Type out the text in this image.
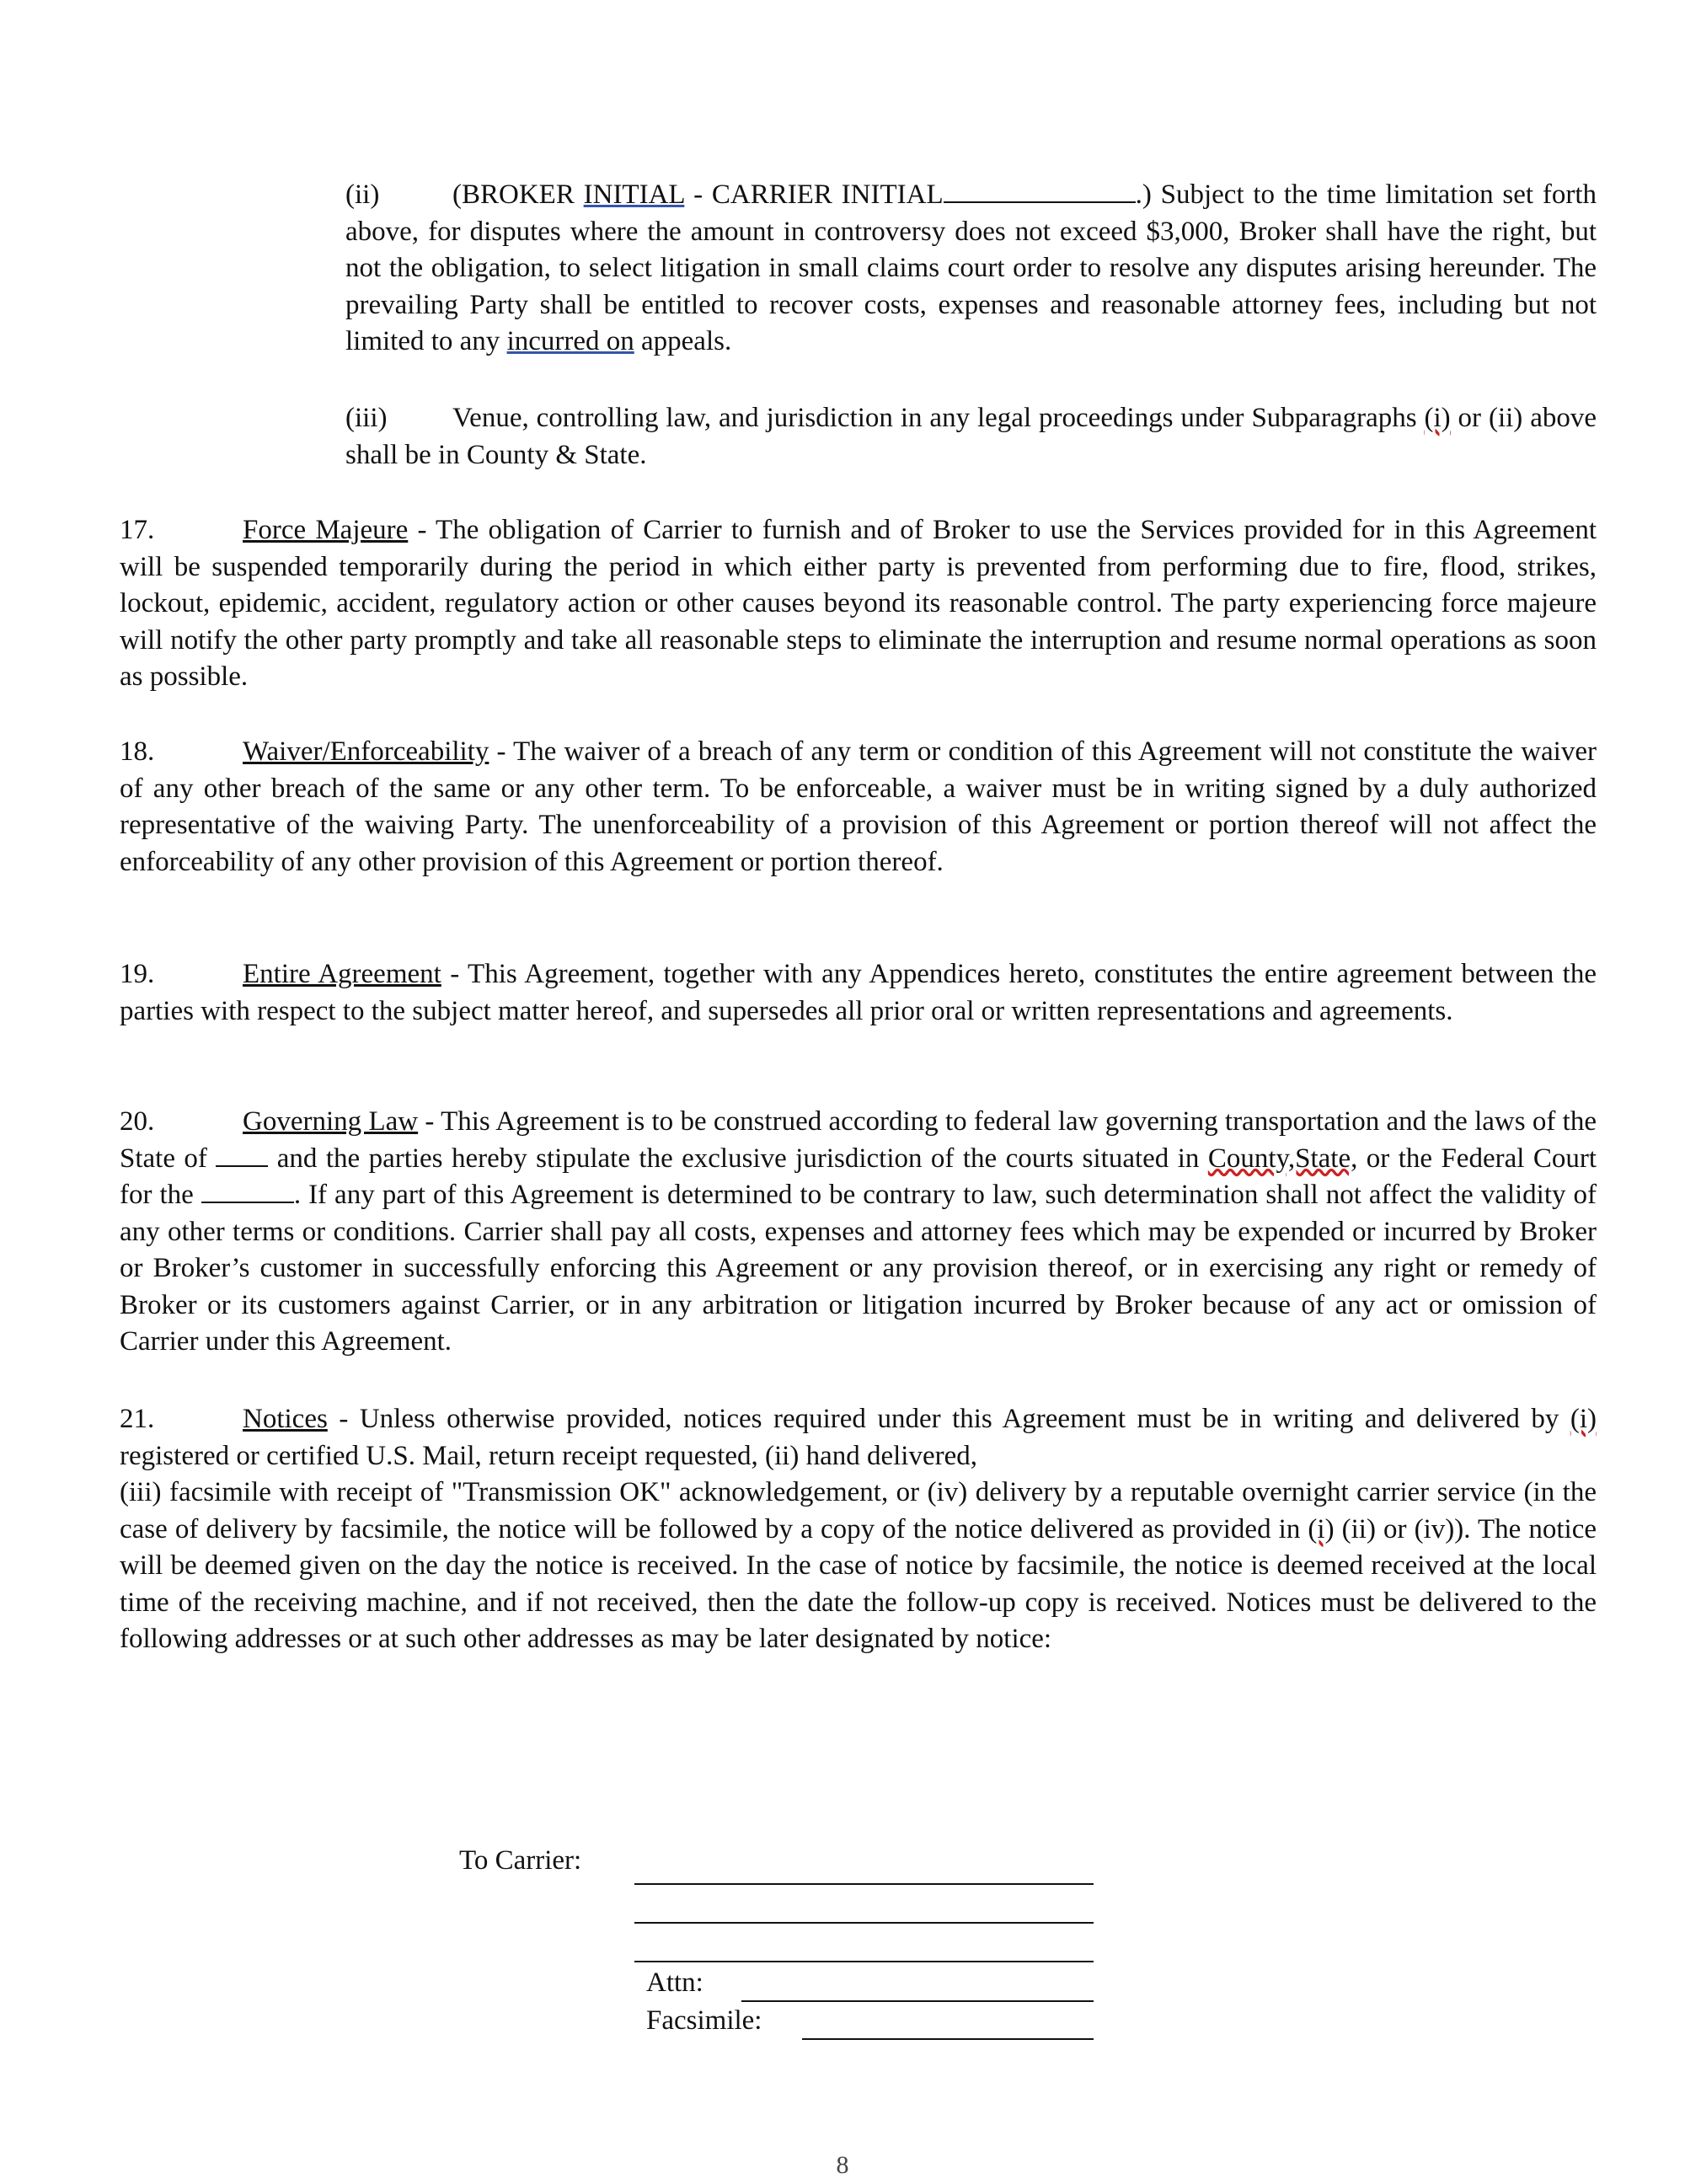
(ii)	(BROKER INITIAL - CARRIER INITIAL	.) Subject to the time limitation set forth above, for disputes where the amount in controversy does not exceed $3,000, Broker shall have the right, but not the obligation, to select litigation in small claims court order to resolve any disputes arising hereunder. The prevailing Party shall be entitled to recover costs, expenses and reasonable attorney fees, including but not limited to any incurred on appeals.
(iii) Venue, controlling law, and jurisdiction in any legal proceedings under Subparagraphs (i) or (ii) above shall be in County & State.
17.	Force Majeure - The obligation of Carrier to furnish and of Broker to use the Services provided for in this Agreement will be suspended temporarily during the period in which either party is prevented from performing due to fire, flood, strikes, lockout, epidemic, accident, regulatory action or other causes beyond its reasonable control. The party experiencing force majeure will notify the other party promptly and take all reasonable steps to eliminate the interruption and resume normal operations as soon as possible.
18.	Waiver/Enforceability - The waiver of a breach of any term or condition of this Agreement will not constitute the waiver of any other breach of the same or any other term. To be enforceable, a waiver must be in writing signed by a duly authorized representative of the waiving Party. The unenforceability of a provision of this Agreement or portion thereof will not affect the enforceability of any other provision of this Agreement or portion thereof.
19.	Entire Agreement - This Agreement, together with any Appendices hereto, constitutes the entire agreement between the parties with respect to the subject matter hereof, and supersedes all prior oral or written representations and agreements.
20.	Governing Law - This Agreement is to be construed according to federal law governing transportation and the laws of the State of  and the parties hereby stipulate the exclusive jurisdiction of the courts situated in County,State, or the Federal Court for the	. If any part of this Agreement is determined to be contrary to law, such determination shall not affect the validity of any other terms or conditions. Carrier shall pay all costs, expenses and attorney fees which may be expended or incurred by Broker or Broker’s customer in successfully enforcing this Agreement or any provision thereof, or in exercising any right or remedy of Broker or its customers against Carrier, or in any arbitration or litigation incurred by Broker because of any act or omission of Carrier under this Agreement.
21.	Notices - Unless otherwise provided, notices required under this Agreement must be in writing and delivered by (i) registered or certified U.S. Mail, return receipt requested, (ii) hand delivered,
(iii) facsimile with receipt of "Transmission OK" acknowledgement, or (iv) delivery by a reputable overnight carrier service (in the case of delivery by facsimile, the notice will be followed by a copy of the notice delivered as provided in (i) (ii) or (iv)). The notice will be deemed given on the day the notice is received. In the case of notice by facsimile, the notice is deemed received at the local time of the receiving machine, and if not received, then the date the follow-up copy is received. Notices must be delivered to the following addresses or at such other addresses as may be later designated by notice:
To Carrier:
Attn:
Facsimile:
8
